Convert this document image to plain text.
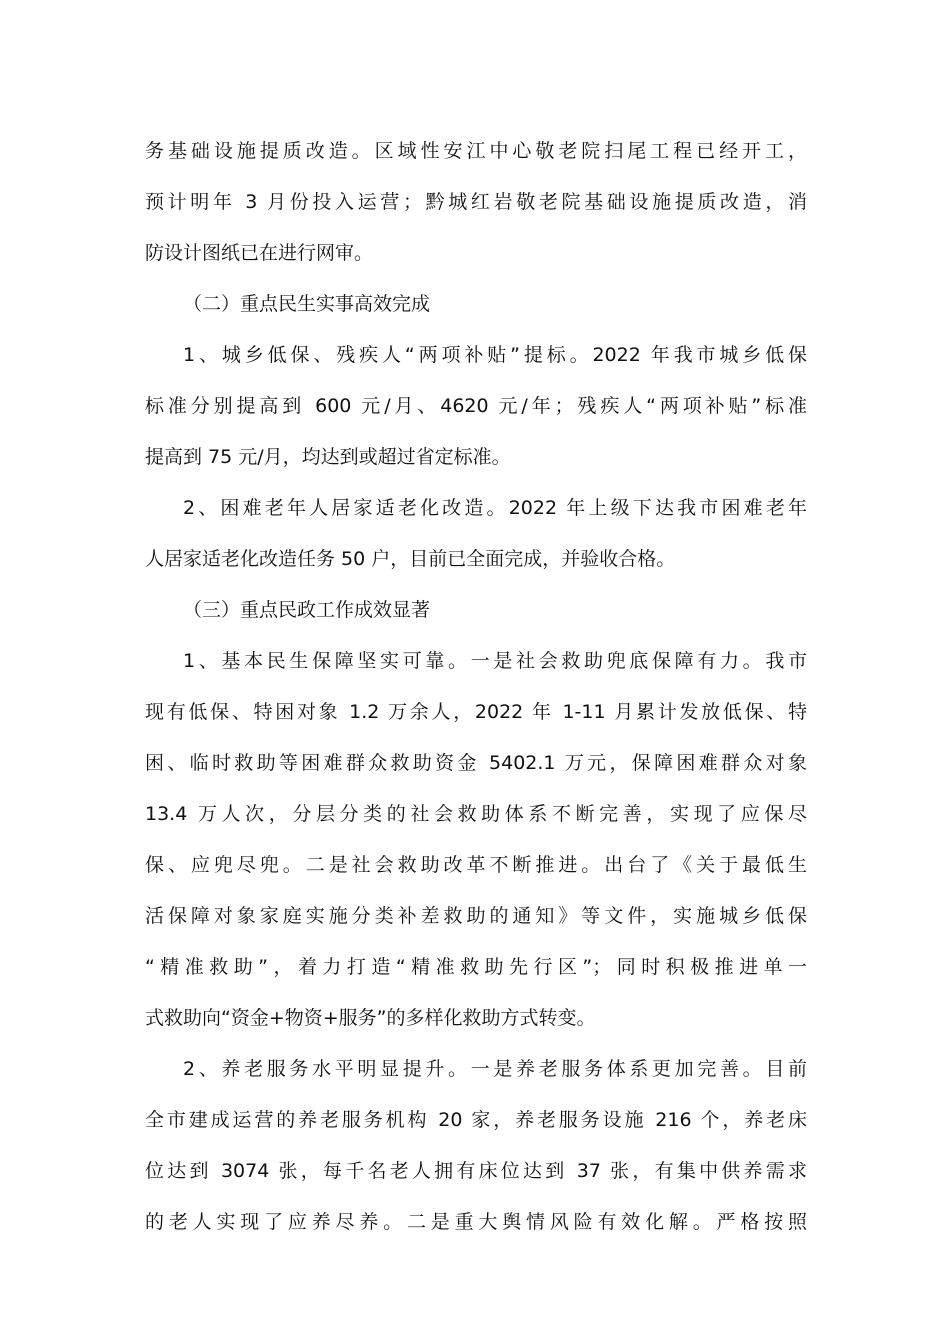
务基础设施提质改造。区域性安江中心敬老院扫尾工程已经开工，
预计明年 3 月份投入运营；黔城红岩敬老院基础设施提质改造，消
防设计图纸已在进行网审。
（二）重点民生实事高效完成
1、城乡低保、残疾人“两项补贴”提标。2022 年我市城乡低保
标准分别提高到 600 元/月、4620 元/年；残疾人“两项补贴”标准
提高到 75 元/月，均达到或超过省定标准。
2、困难老年人居家适老化改造。2022 年上级下达我市困难老年
人居家适老化改造任务 50 户，目前已全面完成，并验收合格。
（三）重点民政工作成效显著
1、基本民生保障坚实可靠。一是社会救助兜底保障有力。我市
现有低保、特困对象 1.2 万余人，2022 年 1-11 月累计发放低保、特
困、临时救助等困难群众救助资金 5402.1 万元，保障困难群众对象
13.4 万人次，分层分类的社会救助体系不断完善，实现了应保尽
保、应兜尽兜。二是社会救助改革不断推进。出台了《关于最低生
活保障对象家庭实施分类补差救助的通知》等文件，实施城乡低保
“精准救助”，着力打造“精准救助先行区”；同时积极推进单一
式救助向“资金+物资+服务”的多样化救助方式转变。
2、养老服务水平明显提升。一是养老服务体系更加完善。目前
全市建成运营的养老服务机构 20 家，养老服务设施 216 个，养老床
位达到 3074 张，每千名老人拥有床位达到 37 张，有集中供养需求
的老人实现了应养尽养。二是重大舆情风险有效化解。严格按照
